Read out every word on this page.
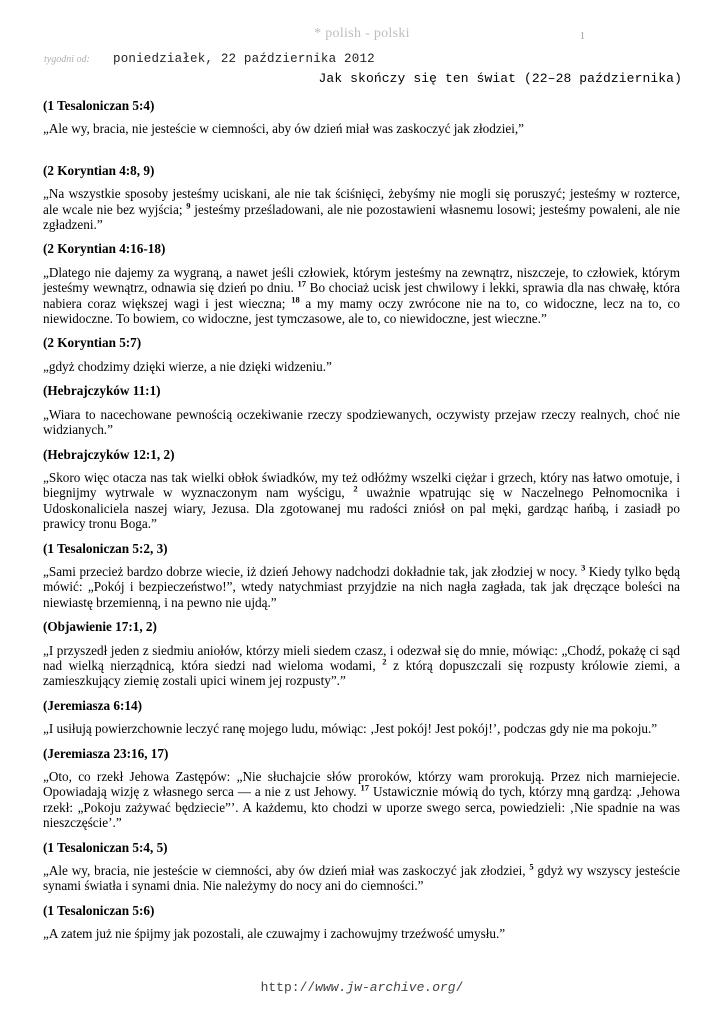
* polish - polski	1
tygodni od: poniedziałek, 22 października 2012
Jak skończy się ten świat (22–28 października)
(1 Tesaloniczan 5:4)
„Ale wy, bracia, nie jesteście w ciemności, aby ów dzień miał was zaskoczyć jak złodziei,”
(2 Koryntian 4:8, 9)
„Na wszystkie sposoby jesteśmy uciskani, ale nie tak ściśnięci, żebyśmy nie mogli się poruszyć; jesteśmy w rozterce, ale wcale nie bez wyjścia; $^9$ jesteśmy prześladowani, ale nie pozostawieni własnemu losowi; jesteśmy powaleni, ale nie zgładzeni.”
(2 Koryntian 4:16-18)
„Dlatego nie dajemy za wygraną, a nawet jeśli człowiek, którym jesteśmy na zewnątrz, niszczeje, to człowiek, którym jesteśmy wewnątrz, odnawia się dzień po dniu. $^{17}$ Bo chociaż ucisk jest chwilowy i lekki, sprawia dla nas chwałę, która nabiera coraz większej wagi i jest wieczna; $^{18}$ a my mamy oczy zwrócone nie na to, co widoczne, lecz na to, co niewidoczne. To bowiem, co widoczne, jest tymczasowe, ale to, co niewidoczne, jest wieczne.”
(2 Koryntian 5:7)
„gdyż chodzimy dzięki wierze, a nie dzięki widzeniu.”
(Hebrajczyków 11:1)
„Wiara to nacechowane pewnością oczekiwanie rzeczy spodziewanych, oczywisty przejaw rzeczy realnych, choć nie widzianych.”
(Hebrajczyków 12:1, 2)
„Skoro więc otacza nas tak wielki obłok świadków, my też odłóżmy wszelki ciężar i grzech, który nas łatwo omotuje, i biegnijmy wytrwale w wyznaczonym nam wyścigu, $^2$ uważnie wpatrując się w Naczelnego Pełnomocnika i Udoskonaliciela naszej wiary, Jezusa. Dla zgotowanej mu radości zniósł on pal męki, gardząc hańbą, i zasiadł po prawicy tronu Boga.”
(1 Tesaloniczan 5:2, 3)
„Sami przecież bardzo dobrze wiecie, iż dzień Jehowy nadchodzi dokładnie tak, jak złodziej w nocy. $^3$ Kiedy tylko będą mówić: „Pokój i bezpieczeństwo!”, wtedy natychmiast przyjdzie na nich nagła zagłada, tak jak dręczące boleści na niewiastę brzemienną, i na pewno nie ujdą.”
(Objawienie 17:1, 2)
„I przyszedł jeden z siedmiu aniołów, którzy mieli siedem czasz, i odezwał się do mnie, mówiąc: „Chodź, pokażę ci sąd nad wielką nierządnicą, która siedzi nad wieloma wodami, $^2$ z którą dopuszczali się rozpusty królowie ziemi, a zamieszkujący ziemię zostali upici winem jej rozpusty”.”
(Jeremiasza 6:14)
„I usiłują powierzchownie leczyć ranę mojego ludu, mówiąc: ‚Jest pokój! Jest pokój!’, podczas gdy nie ma pokoju.”
(Jeremiasza 23:16, 17)
„Oto, co rzekł Jehowa Zastępów: „Nie słuchajcie słów proroków, którzy wam prorokują. Przez nich marniejecie. Opowiadają wizję z własnego serca — a nie z ust Jehowy. $^{17}$ Ustawicznie mówią do tych, którzy mną gardzą: ‚Jehowa rzekł: „Pokoju zażywać będziecie”’. A każdemu, kto chodzi w uporze swego serca, powiedzieli: ‚Nie spadnie na was nieszczęście’.”
(1 Tesaloniczan 5:4, 5)
„Ale wy, bracia, nie jesteście w ciemności, aby ów dzień miał was zaskoczyć jak złodziei, $^5$ gdyż wy wszyscy jesteście synami światła i synami dnia. Nie należymy do nocy ani do ciemności.”
(1 Tesaloniczan 5:6)
„A zatem już nie śpijmy jak pozostali, ale czuwajmy i zachowujmy trzeźwość umysłu.”
http://www.jw-archive.org/
